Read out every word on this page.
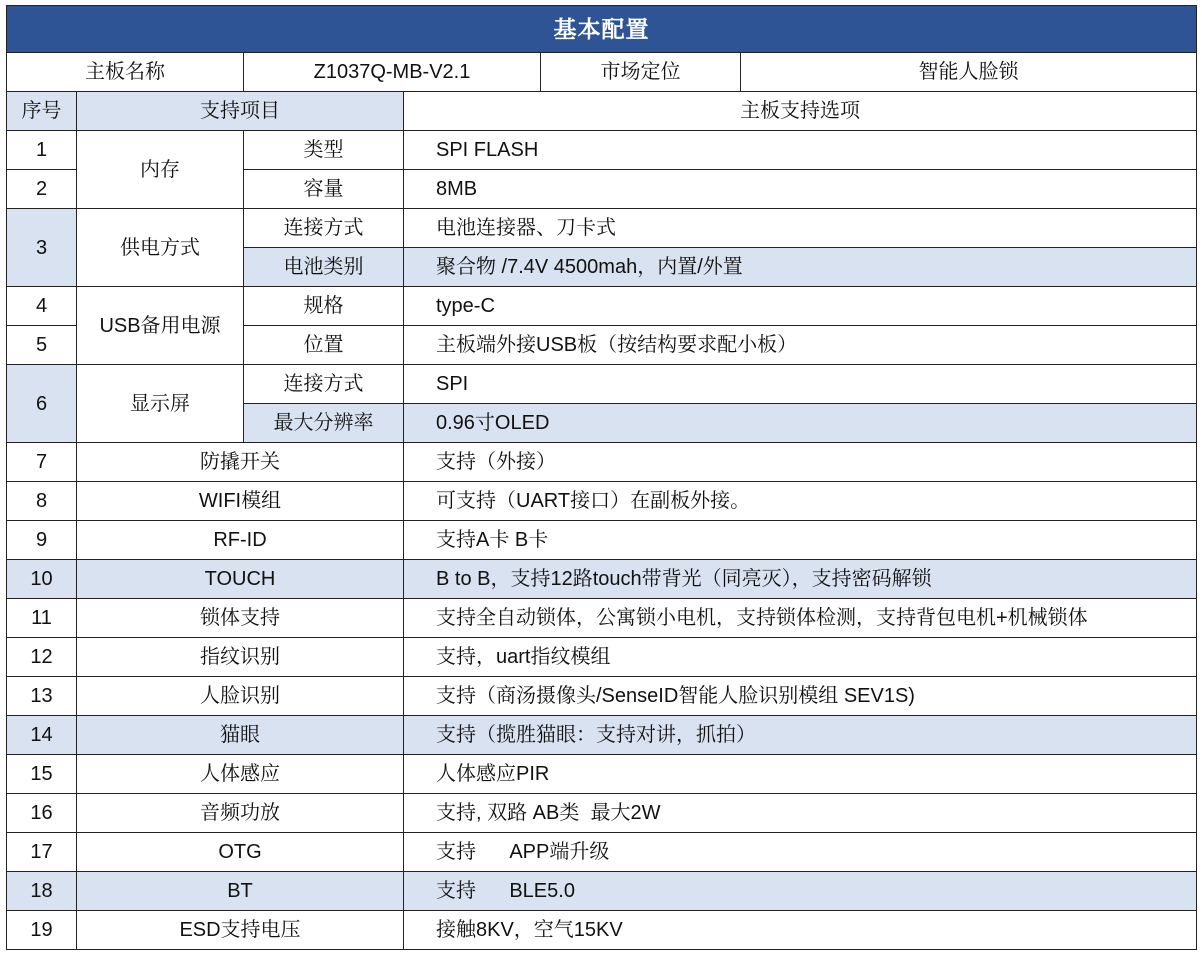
基本配置					
主板名称		Z1037Q-MB-V2.1		市场定位	智能人脸锁
序号	支持项目		主板支持选项		
1	内存	类型	SPI FLASH		
2		容量	8MB		
3	供电方式	连接方式	电池连接器、刀卡式		
		电池类别	聚合物 /7.4V 4500mah，内置/外置		
4	USB备用电源	规格	type-C		
5		位置	主板端外接USB板（按结构要求配小板）		
6	显示屏	连接方式	SPI		
		最大分辨率	0.96寸OLED		
7	防撬开关		支持（外接）		
8	WIFI模组		可支持（UART接口）在副板外接。		
9	RF-ID		支持A卡 B卡		
10	TOUCH		B to B，支持12路touch带背光（同亮灭），支持密码解锁		
11	锁体支持		支持全自动锁体，公寓锁小电机，支持锁体检测，支持背包电机+机械锁体		
12	指纹识别		支持，uart指纹模组		
13	人脸识别		支持（商汤摄像头/SenseID智能人脸识别模组 SEV1S)		
14	猫眼		支持（揽胜猫眼：支持对讲，抓拍）		
15	人体感应		人体感应PIR		
16	音频功放		支持, 双路 AB类  最大2W		
17	OTG		支持      APP端升级		
18	BT		支持      BLE5.0		
19	ESD支持电压		接触8KV，空气15KV		
